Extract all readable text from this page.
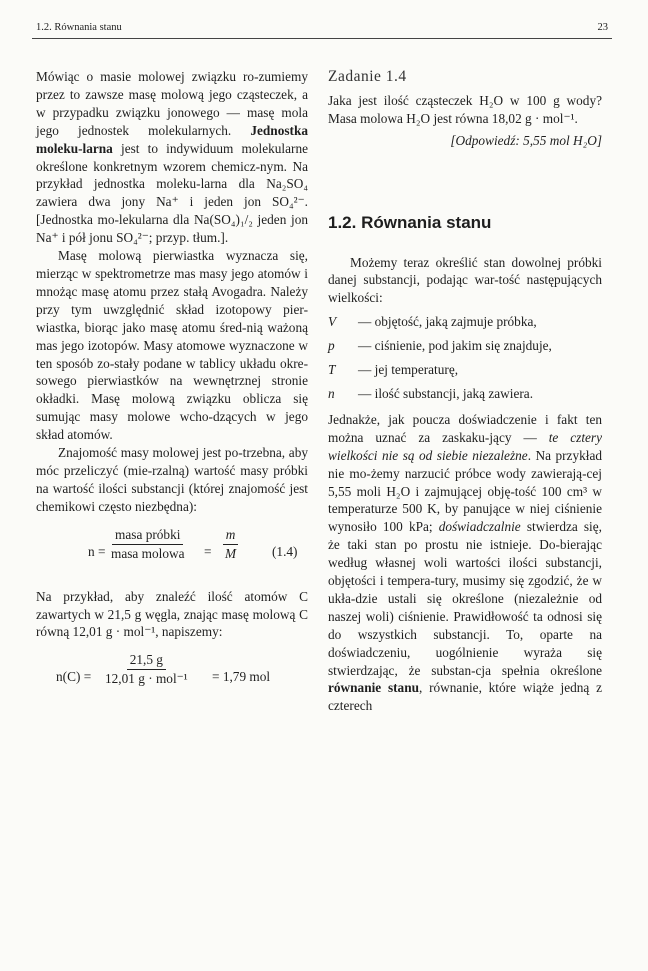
1.2. Równania stanu	23

Mówiąc o masie molowej związku ro-zumiemy przez to zawsze masę molową jego cząsteczek, a w przypadku związku jonowego — masę mola jego jednostek molekularnych. Jednostka moleku-larna jest to indywiduum molekularne określone konkretnym wzorem chemicz-nym. Na przykład jednostka moleku-larna dla Na₂SO₄ zawiera dwa jony Na⁺ i jeden jon SO₄²⁻. [Jednostka mo-lekularna dla Na(SO₄)₁/₂ jeden jon Na⁺ i pół jonu SO₄²⁻; przyp. tłum.].

Masę molową pierwiastka wyznacza się, mierząc w spektrometrze mas masy jego atomów i mnożąc masę atomu przez stałą Avogadra. Należy przy tym uwzględnić skład izotopowy pier-wiastka, biorąc jako masę atomu śred-nią ważoną mas jego izotopów. Masy atomowe wyznaczone w ten sposób zo-stały podane w tablicy układu okre-sowego pierwiastków na wewnętrznej stronie okładki. Masę molową związku oblicza się sumując masy molowe wcho-dzących w jego skład atomów.

Znajomość masy molowej jest po-trzebna, aby móc przeliczyć (mie-rzalną) wartość masy próbki na wartość ilości substancji (której znajomość jest chemikowi często niezbędna):

n =
masa próbki
masa molowa = $\frac{m}{M} (1.4)$

Na przykład, aby znaleźć ilość atomów C zawartych w 21,5 g węgla, znając masę molową C równą 12,01 g · mol⁻¹, napiszemy:

n(C) =
21,5 g
12,01 g · mol⁻¹ = 1,79 mol
Zadanie 1.4

Jaka jest ilość cząsteczek H₂O w 100 g wody? Masa molowa H₂O jest równa 18,02 g · mol⁻¹.

[Odpowiedź: 5,55 mol H₂O]
1.2. Równania stanu

Możemy teraz określić stan dowolnej próbki danej substancji, podając war-tość następujących wielkości:

V — objętość, jaką zajmuje próbka,
p — ciśnienie, pod jakim się znajduje,
T — jej temperaturę,
n — ilość substancji, jaką zawiera.

Jednakże, jak poucza doświadczenie i fakt ten można uznać za zaskaku-jący — te cztery wielkości nie są od siebie niezależne. Na przykład nie mo-żemy narzucić próbce wody zawierają-cej 5,55 moli H₂O i zajmującej obję-tość 100 cm³ w temperaturze 500 K, by panujące w niej ciśnienie wynosiło 100 kPa; doświadczalnie stwierdza się, że taki stan po prostu nie istnieje. Do-bierając według własnej woli wartości ilości substancji, objętości i tempera-tury, musimy się zgodzić, że w ukła-dzie ustali się określone (niezależnie od naszej woli) ciśnienie. Prawidłowość ta odnosi się do wszystkich substancji. To, oparte na doświadczeniu, uogólnienie wyraża się stwierdzając, że substan-cja spełnia określone równanie stanu, równanie, które wiąże jedną z czterech
